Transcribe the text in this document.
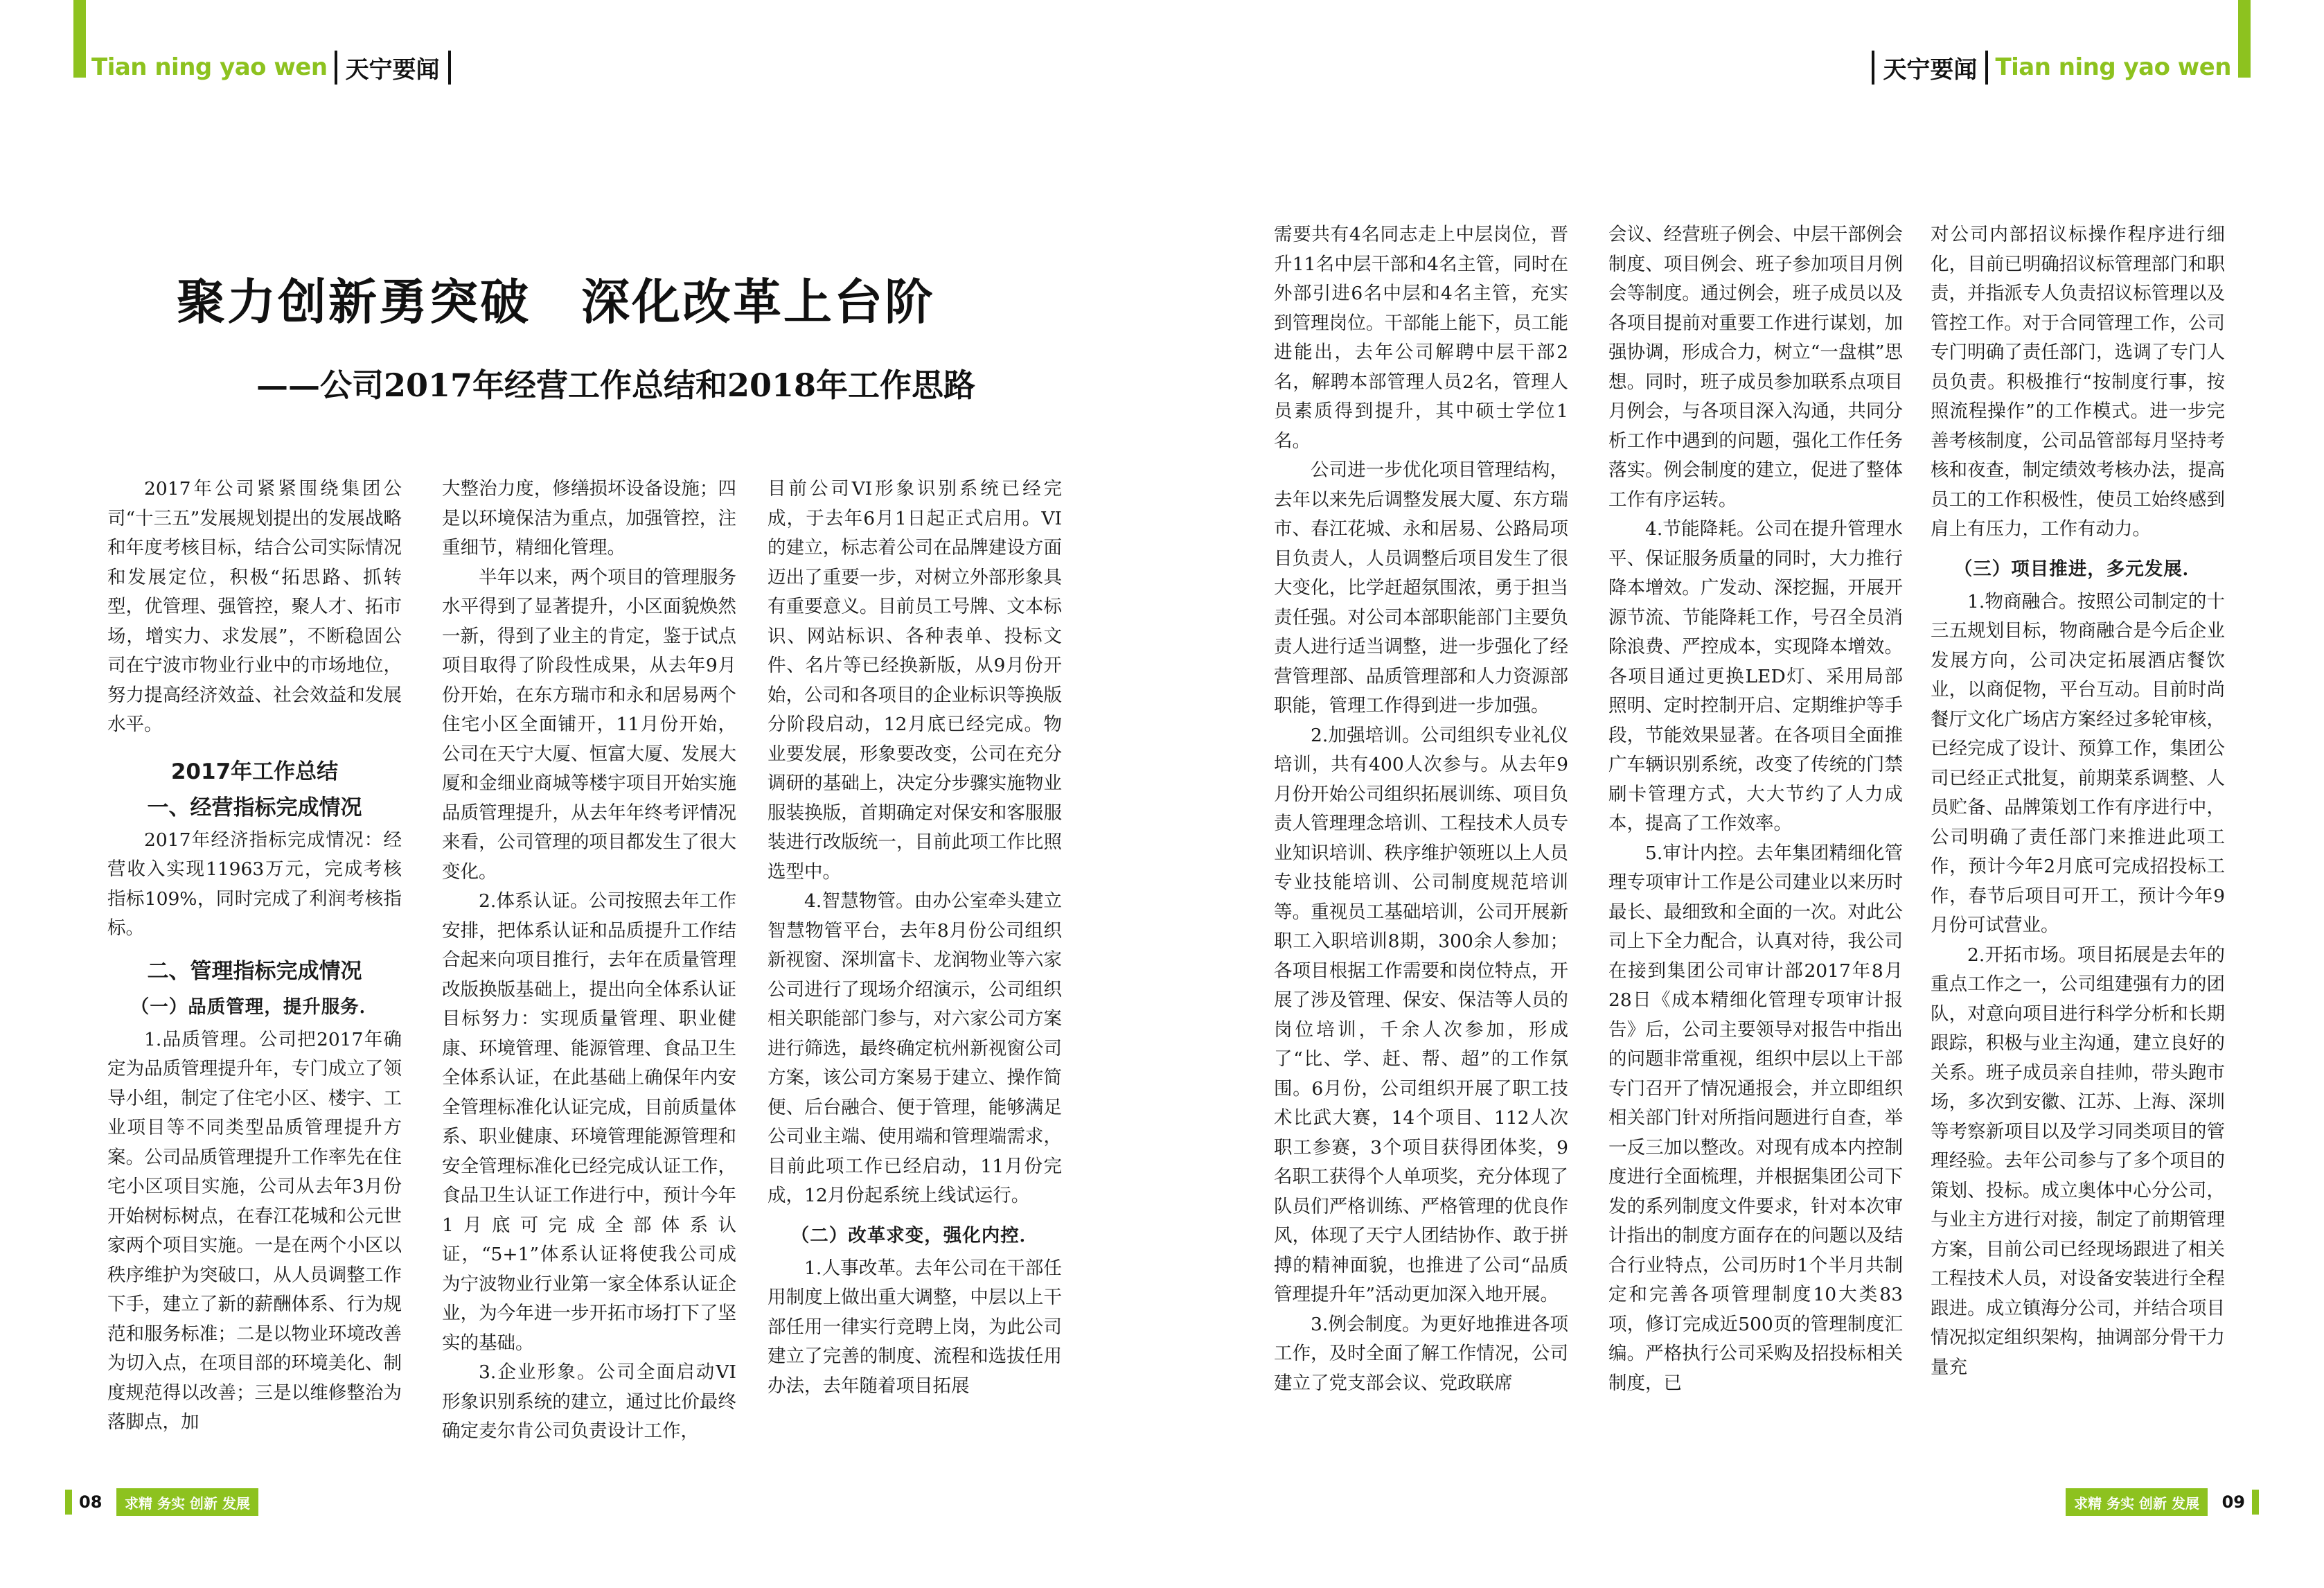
Tian ning yao wen 天宁要闻
聚力创新勇突破　深化改革上台阶
——公司2017年经营工作总结和2018年工作思路

2017年公司紧紧围绕集团公司“十三五”发展规划提出的发展战略和年度考核目标，结合公司实际情况和发展定位，积极“拓思路、抓转型，优管理、强管控，聚人才、拓市场，增实力、求发展”，不断稳固公司在宁波市物业行业中的市场地位，努力提高经济效益、社会效益和发展水平。

2017年工作总结
一、经营指标完成情况

2017年经济指标完成情况：经营收入实现11963万元，完成考核指标109%，同时完成了利润考核指标。

二、管理指标完成情况
（一）品质管理，提升服务．

1.品质管理。公司把2017年确定为品质管理提升年，专门成立了领导小组，制定了住宅小区、楼宇、工业项目等不同类型品质管理提升方案。公司品质管理提升工作率先在住宅小区项目实施，公司从去年3月份开始树标树点，在春江花城和公元世家两个项目实施。一是在两个小区以秩序维护为突破口，从人员调整工作下手，建立了新的薪酬体系、行为规范和服务标准；二是以物业环境改善为切入点，在项目部的环境美化、制度规范得以改善；三是以维修整治为落脚点，加

大整治力度，修缮损坏设备设施；四是以环境保洁为重点，加强管控，注重细节，精细化管理。

半年以来，两个项目的管理服务水平得到了显著提升，小区面貌焕然一新，得到了业主的肯定，鉴于试点项目取得了阶段性成果，从去年9月份开始，在东方瑞市和永和居易两个住宅小区全面铺开，11月份开始，公司在天宁大厦、恒富大厦、发展大厦和金细业商城等楼宇项目开始实施品质管理提升，从去年年终考评情况来看，公司管理的项目都发生了很大变化。

2.体系认证。公司按照去年工作安排，把体系认证和品质提升工作结合起来向项目推行，去年在质量管理改版换版基础上，提出向全体系认证目标努力：实现质量管理、职业健康、环境管理、能源管理、食品卫生全体系认证，在此基础上确保年内安全管理标准化认证完成，目前质量体系、职业健康、环境管理能源管理和安全管理标准化已经完成认证工作，食品卫生认证工作进行中，预计今年1月底可完成全部体系认证，“5+1”体系认证将使我公司成为宁波物业行业第一家全体系认证企业，为今年进一步开拓市场打下了坚实的基础。

3.企业形象。公司全面启动VI形象识别系统的建立，通过比价最终确定麦尔肯公司负责设计工作，

目前公司VI形象识别系统已经完成，于去年6月1日起正式启用。VI的建立，标志着公司在品牌建设方面迈出了重要一步，对树立外部形象具有重要意义。目前员工号牌、文本标识、网站标识、各种表单、投标文件、名片等已经换新版，从9月份开始，公司和各项目的企业标识等换版分阶段启动，12月底已经完成。物业要发展，形象要改变，公司在充分调研的基础上，决定分步骤实施物业服装换版，首期确定对保安和客服服装进行改版统一，目前此项工作比照选型中。

4.智慧物管。由办公室牵头建立智慧物管平台，去年8月份公司组织新视窗、深圳富卡、龙润物业等六家公司进行了现场介绍演示，公司组织相关职能部门参与，对六家公司方案进行筛选，最终确定杭州新视窗公司方案，该公司方案易于建立、操作简便、后台融合、便于管理，能够满足公司业主端、使用端和管理端需求，目前此项工作已经启动，11月份完成，12月份起系统上线试运行。

（二）改革求变，强化内控．

1.人事改革。去年公司在干部任用制度上做出重大调整，中层以上干部任用一律实行竞聘上岗，为此公司建立了完善的制度、流程和选拔任用办法，去年随着项目拓展

08	求精 务实 创新 发展
天宁要闻 Tian ning yao wen

需要共有4名同志走上中层岗位，晋升11名中层干部和4名主管，同时在外部引进6名中层和4名主管，充实到管理岗位。干部能上能下，员工能进能出，去年公司解聘中层干部2名，解聘本部管理人员2名，管理人员素质得到提升，其中硕士学位1名。

公司进一步优化项目管理结构，去年以来先后调整发展大厦、东方瑞市、春江花城、永和居易、公路局项目负责人，人员调整后项目发生了很大变化，比学赶超氛围浓，勇于担当责任强。对公司本部职能部门主要负责人进行适当调整，进一步强化了经营管理部、品质管理部和人力资源部职能，管理工作得到进一步加强。

2.加强培训。公司组织专业礼仪培训，共有400人次参与。从去年9月份开始公司组织拓展训练、项目负责人管理理念培训、工程技术人员专业知识培训、秩序维护领班以上人员专业技能培训、公司制度规范培训等。重视员工基础培训，公司开展新职工入职培训8期，300余人参加；各项目根据工作需要和岗位特点，开展了涉及管理、保安、保洁等人员的岗位培训，千余人次参加，形成了“比、学、赶、帮、超”的工作氛围。6月份，公司组织开展了职工技术比武大赛，14个项目、112人次职工参赛，3个项目获得团体奖，9名职工获得个人单项奖，充分体现了队员们严格训练、严格管理的优良作风，体现了天宁人团结协作、敢于拼搏的精神面貌，也推进了公司“品质管理提升年”活动更加深入地开展。

3.例会制度。为更好地推进各项工作，及时全面了解工作情况，公司建立了党支部会议、党政联席

会议、经营班子例会、中层干部例会制度、项目例会、班子参加项目月例会等制度。通过例会，班子成员以及各项目提前对重要工作进行谋划，加强协调，形成合力，树立“一盘棋”思想。同时，班子成员参加联系点项目月例会，与各项目深入沟通，共同分析工作中遇到的问题，强化工作任务落实。例会制度的建立，促进了整体工作有序运转。

4.节能降耗。公司在提升管理水平、保证服务质量的同时，大力推行降本增效。广发动、深挖掘，开展开源节流、节能降耗工作，号召全员消除浪费、严控成本，实现降本增效。各项目通过更换LED灯、采用局部照明、定时控制开启、定期维护等手段，节能效果显著。在各项目全面推广车辆识别系统，改变了传统的门禁刷卡管理方式，大大节约了人力成本，提高了工作效率。

5.审计内控。去年集团精细化管理专项审计工作是公司建业以来历时最长、最细致和全面的一次。对此公司上下全力配合，认真对待，我公司在接到集团公司审计部2017年8月28日《成本精细化管理专项审计报告》后，公司主要领导对报告中指出的问题非常重视，组织中层以上干部专门召开了情况通报会，并立即组织相关部门针对所指问题进行自查，举一反三加以整改。对现有成本内控制度进行全面梳理，并根据集团公司下发的系列制度文件要求，针对本次审计指出的制度方面存在的问题以及结合行业特点，公司历时1个半月共制定和完善各项管理制度10大类83项，修订完成近500页的管理制度汇编。严格执行公司采购及招投标相关制度，已

对公司内部招议标操作程序进行细化，目前已明确招议标管理部门和职责，并指派专人负责招议标管理以及管控工作。对于合同管理工作，公司专门明确了责任部门，选调了专门人员负责。积极推行“按制度行事，按照流程操作”的工作模式。进一步完善考核制度，公司品管部每月坚持考核和夜查，制定绩效考核办法，提高员工的工作积极性，使员工始终感到肩上有压力，工作有动力。

（三）项目推进，多元发展．

1.物商融合。按照公司制定的十三五规划目标，物商融合是今后企业发展方向，公司决定拓展酒店餐饮业，以商促物，平台互动。目前时尚餐厅文化广场店方案经过多轮审核，已经完成了设计、预算工作，集团公司已经正式批复，前期菜系调整、人员贮备、品牌策划工作有序进行中，公司明确了责任部门来推进此项工作，预计今年2月底可完成招投标工作，春节后项目可开工，预计今年9月份可试营业。

2.开拓市场。项目拓展是去年的重点工作之一，公司组建强有力的团队，对意向项目进行科学分析和长期跟踪，积极与业主沟通，建立良好的关系。班子成员亲自挂帅，带头跑市场，多次到安徽、江苏、上海、深圳等考察新项目以及学习同类项目的管理经验。去年公司参与了多个项目的策划、投标。成立奥体中心分公司，与业主方进行对接，制定了前期管理方案，目前公司已经现场跟进了相关工程技术人员，对设备安装进行全程跟进。成立镇海分公司，并结合项目情况拟定组织架构，抽调部分骨干力量充

求精 务实 创新 发展	09
